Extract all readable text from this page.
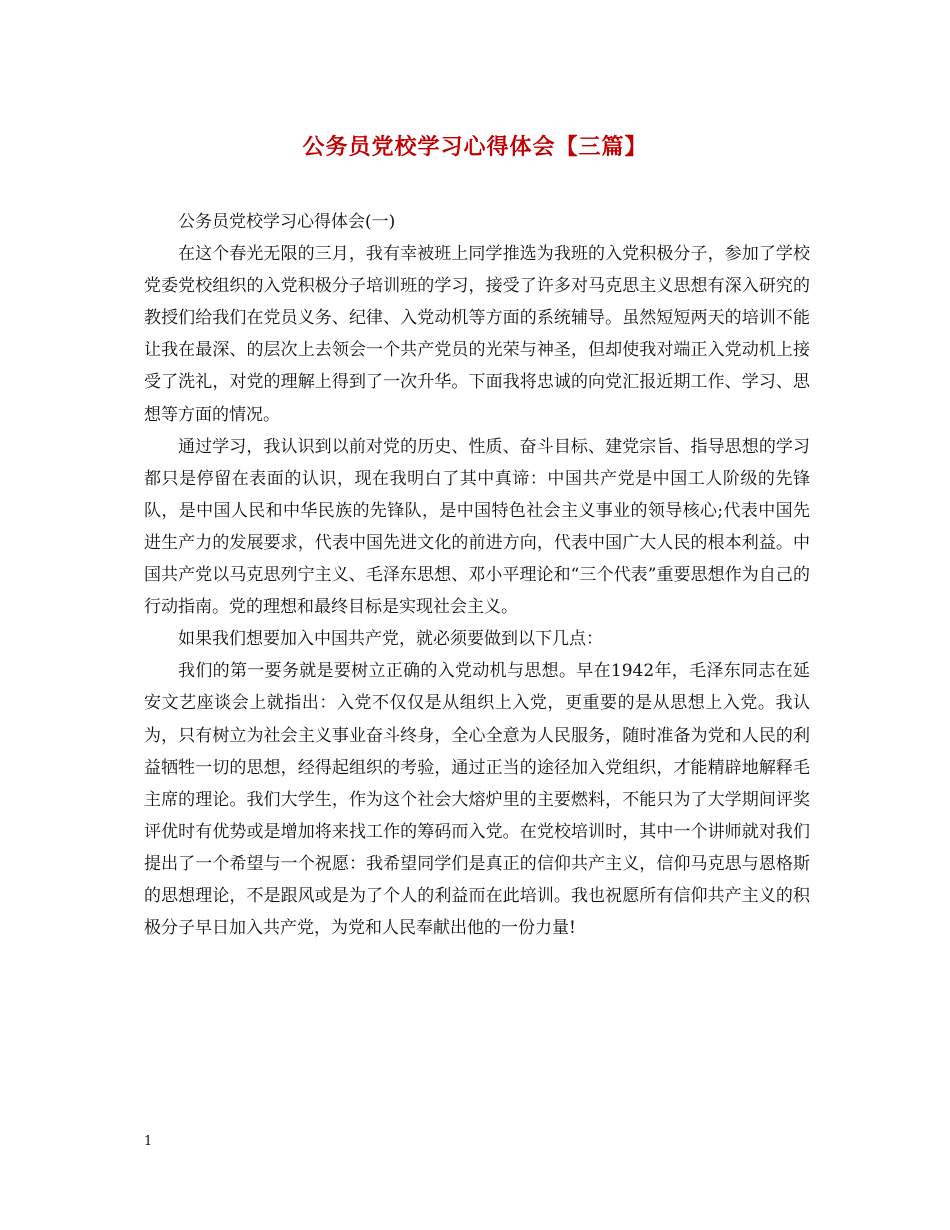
公务员党校学习心得体会【三篇】

公务员党校学习心得体会(一)

在这个春光无限的三月，我有幸被班上同学推选为我班的入党积极分子，参加了学校党委党校组织的入党积极分子培训班的学习，接受了许多对马克思主义思想有深入研究的教授们给我们在党员义务、纪律、入党动机等方面的系统辅导。虽然短短两天的培训不能让我在最深、的层次上去领会一个共产党员的光荣与神圣，但却使我对端正入党动机上接受了洗礼，对党的理解上得到了一次升华。下面我将忠诚的向党汇报近期工作、学习、思想等方面的情况。

通过学习，我认识到以前对党的历史、性质、奋斗目标、建党宗旨、指导思想的学习都只是停留在表面的认识，现在我明白了其中真谛：中国共产党是中国工人阶级的先锋队，是中国人民和中华民族的先锋队，是中国特色社会主义事业的领导核心;代表中国先进生产力的发展要求，代表中国先进文化的前进方向，代表中国广大人民的根本利益。中国共产党以马克思列宁主义、毛泽东思想、邓小平理论和“三个代表”重要思想作为自己的行动指南。党的理想和最终目标是实现社会主义。

如果我们想要加入中国共产党，就必须要做到以下几点：

我们的第一要务就是要树立正确的入党动机与思想。早在1942年，毛泽东同志在延安文艺座谈会上就指出：入党不仅仅是从组织上入党，更重要的是从思想上入党。我认为，只有树立为社会主义事业奋斗终身，全心全意为人民服务，随时准备为党和人民的利益牺牲一切的思想，经得起组织的考验，通过正当的途径加入党组织，才能精辟地解释毛主席的理论。我们大学生，作为这个社会大熔炉里的主要燃料，不能只为了大学期间评奖评优时有优势或是增加将来找工作的筹码而入党。在党校培训时，其中一个讲师就对我们提出了一个希望与一个祝愿：我希望同学们是真正的信仰共产主义，信仰马克思与恩格斯的思想理论，不是跟风或是为了个人的利益而在此培训。我也祝愿所有信仰共产主义的积极分子早日加入共产党，为党和人民奉献出他的一份力量!

1
